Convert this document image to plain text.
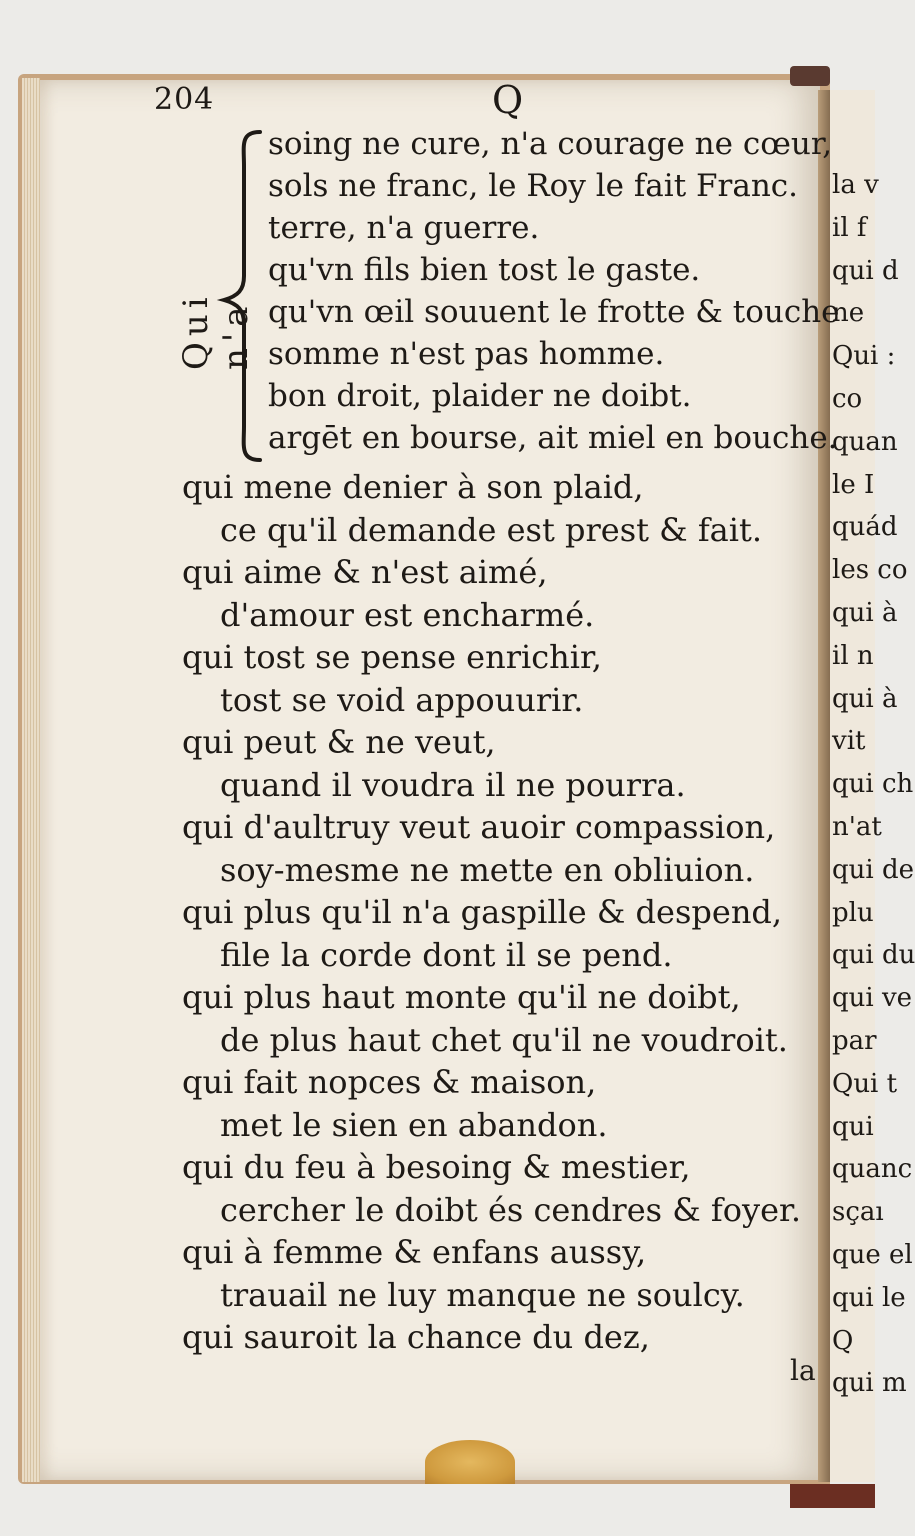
la v
il f
qui d
ne
Qui :
co
quan
le I
quád
les co
qui à
il n
qui à
vit
qui ch
n'at
qui de
plu
qui du
qui ve
par
Qui t
qui
quanc
sçaı
que el
qui le
Q
qui m
204	Q
Qui n'a
soing ne cure, n'a courage ne cœur,
sols ne franc, le Roy le fait Franc.
terre, n'a guerre.
qu'vn fils bien tost le gaste.
qu'vn œil souuent le frotte & touche
somme n'est pas homme.
bon droit, plaider ne doibt.
argēt en bourse, ait miel en bouche.
qui mene denier à son plaid,
ce qu'il demande est prest & fait.
qui aime & n'est aimé,
d'amour est encharmé.
qui tost se pense enrichir,
tost se void appouurir.
qui peut & ne veut,
quand il voudra il ne pourra.
qui d'aultruy veut auoir compassion,
soy-mesme ne mette en obliuion.
qui plus qu'il n'a gaspille & despend,
file la corde dont il se pend.
qui plus haut monte qu'il ne doibt,
de plus haut chet qu'il ne voudroit.
qui fait nopces & maison,
met le sien en abandon.
qui du feu à besoing & mestier,
cercher le doibt és cendres & foyer.
qui à femme & enfans aussy,
trauail ne luy manque ne soulcy.
qui sauroit la chance du dez,
la
